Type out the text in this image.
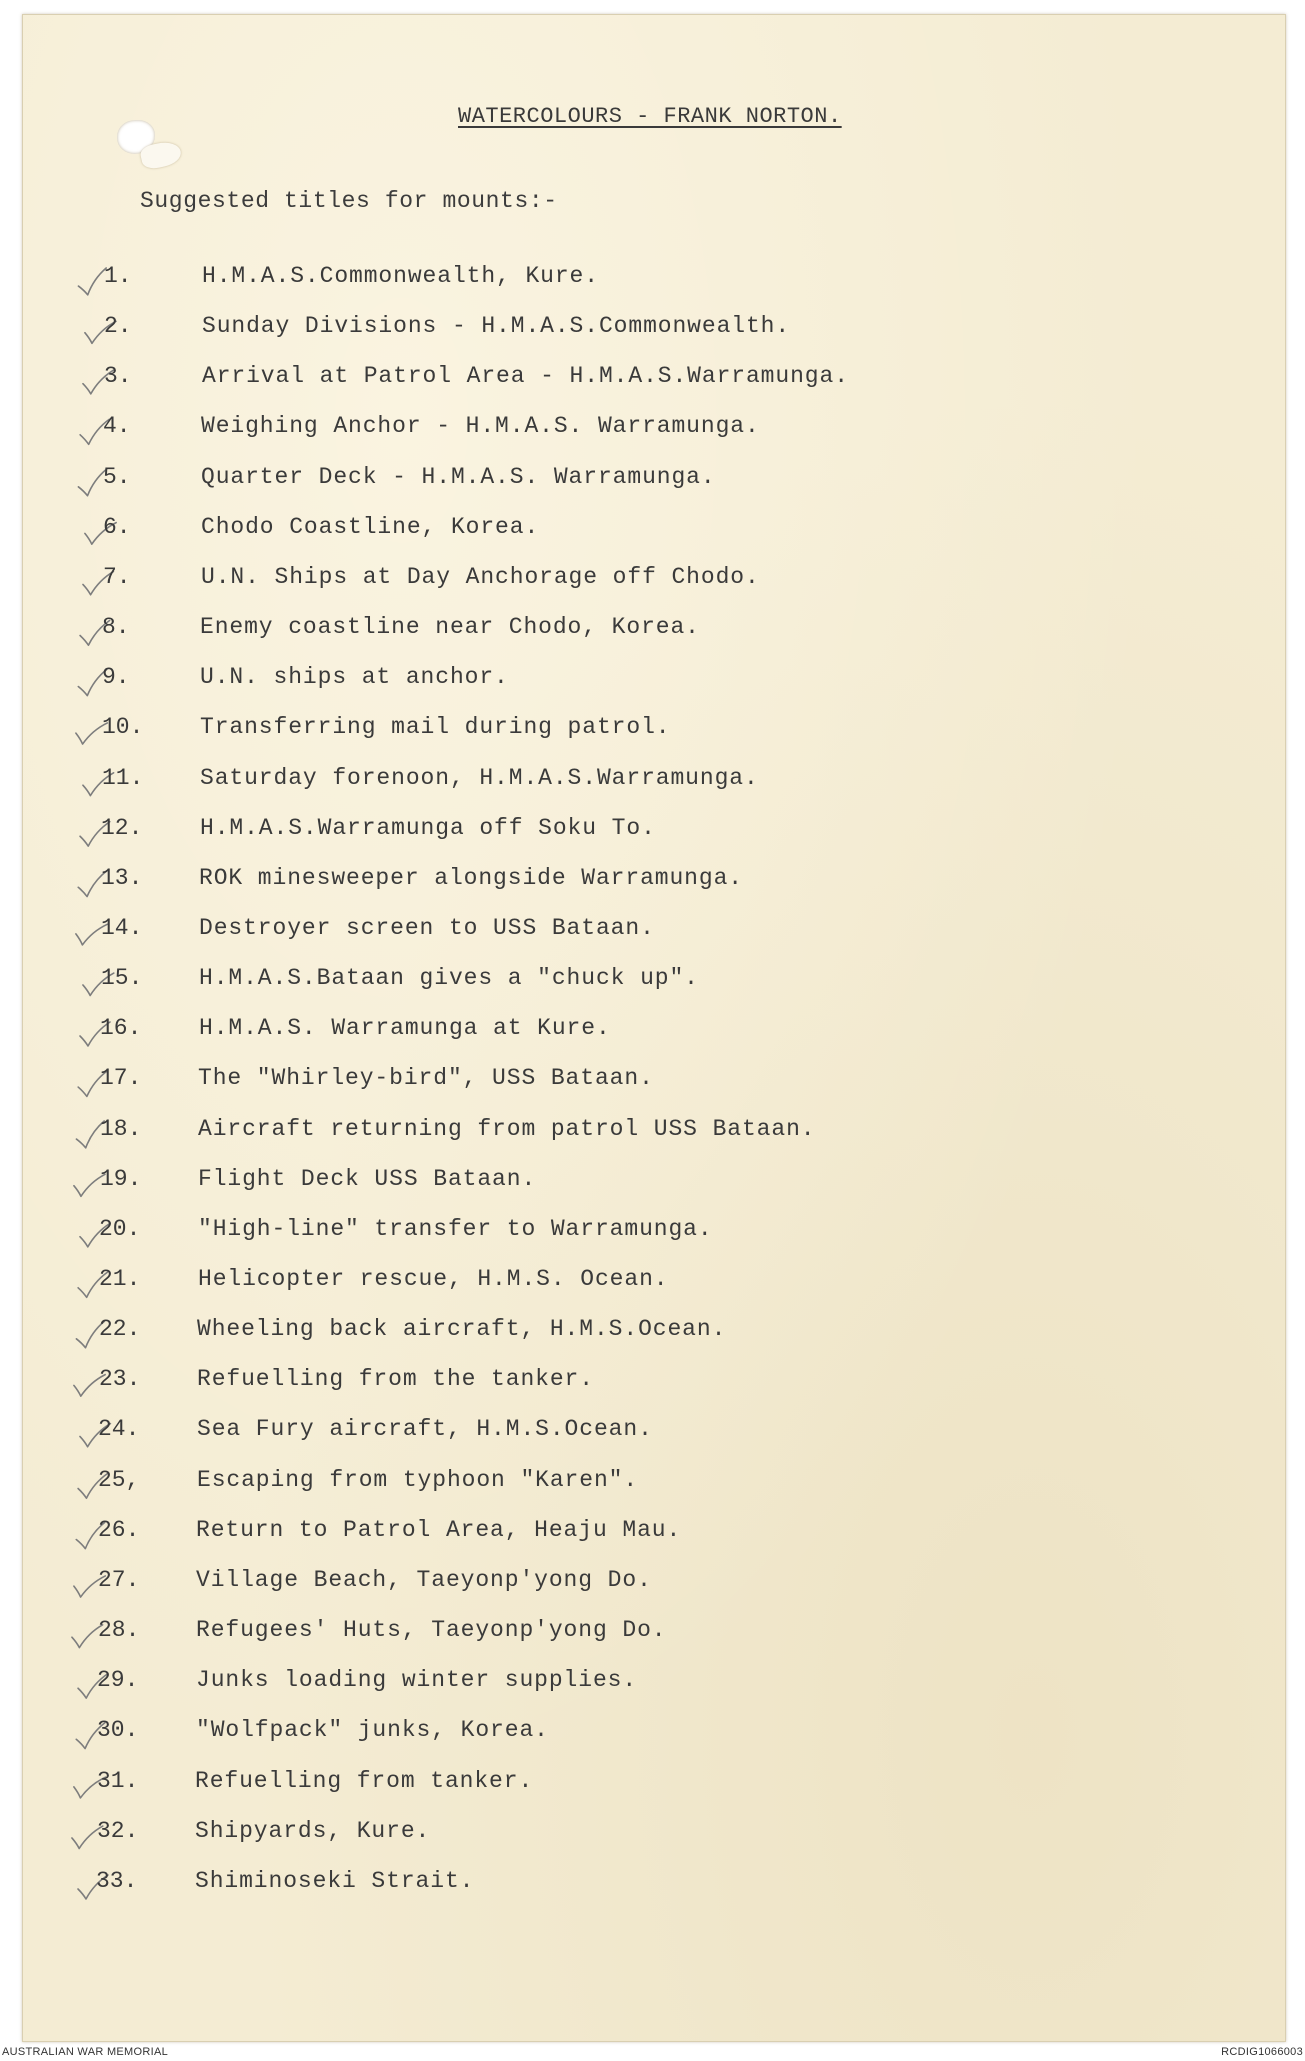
WATERCOLOURS - FRANK NORTON.
Suggested titles for mounts:-
1.	H.M.A.S.Commonwealth, Kure.
2.	Sunday Divisions - H.M.A.S.Commonwealth.
3.	Arrival at Patrol Area - H.M.A.S.Warramunga.
4.	Weighing Anchor - H.M.A.S. Warramunga.
5.	Quarter Deck - H.M.A.S. Warramunga.
6.	Chodo Coastline, Korea.
7.	U.N. Ships at Day Anchorage off Chodo.
8.	Enemy coastline near Chodo, Korea.
9.	U.N. ships at anchor.
10.	Transferring mail during patrol.
11.	Saturday forenoon, H.M.A.S.Warramunga.
12.	H.M.A.S.Warramunga off Soku To.
13.	ROK minesweeper alongside Warramunga.
14.	Destroyer screen to USS Bataan.
15.	H.M.A.S.Bataan gives a "chuck up".
16.	H.M.A.S. Warramunga at Kure.
17.	The "Whirley-bird", USS Bataan.
18.	Aircraft returning from patrol USS Bataan.
19.	Flight Deck USS Bataan.
20.	"High-line" transfer to Warramunga.
21.	Helicopter rescue, H.M.S. Ocean.
22.	Wheeling back aircraft, H.M.S.Ocean.
23.	Refuelling from the tanker.
24.	Sea Fury aircraft, H.M.S.Ocean.
25,	Escaping from typhoon "Karen".
26.	Return to Patrol Area, Heaju Mau.
27.	Village Beach, Taeyonp'yong Do.
28.	Refugees' Huts, Taeyonp'yong Do.
29.	Junks loading winter supplies.
30.	"Wolfpack" junks, Korea.
31.	Refuelling from tanker.
32.	Shipyards, Kure.
33.	Shiminoseki Strait.
AUSTRALIAN WAR MEMORIAL	RCDIG1066003
